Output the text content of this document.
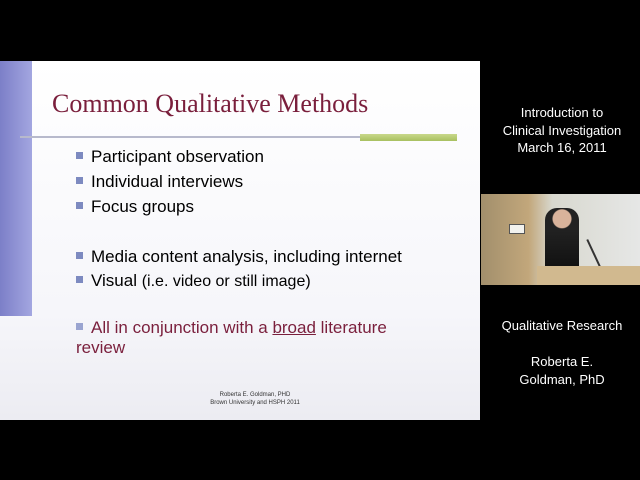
Common Qualitative Methods
Participant observation
Individual interviews
Focus groups
Media content analysis, including internet
Visual (i.e. video or still image)
All in conjunction with a broad literature review
Roberta E. Goldman, PHD
Brown University and HSPH 2011
Introduction to
Clinical Investigation
March 16, 2011
Qualitative Research
Roberta E.
Goldman, PhD
